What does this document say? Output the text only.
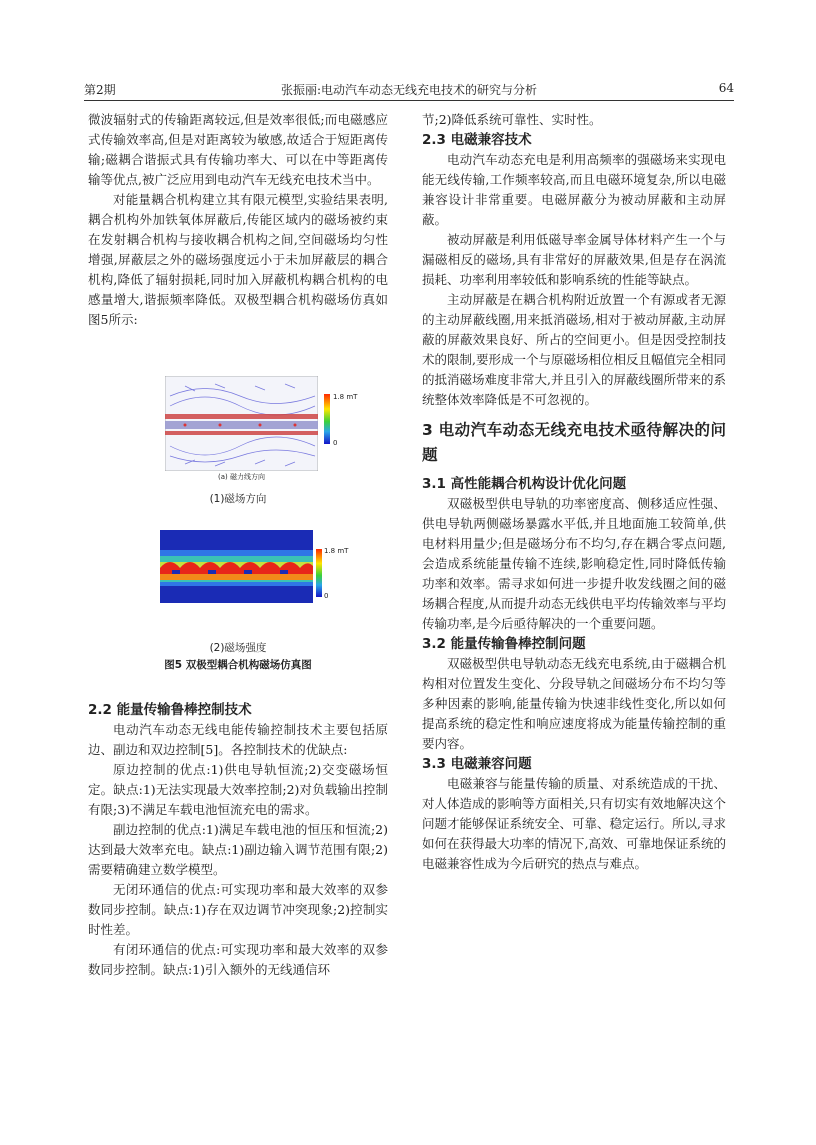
张振丽:电动汽车动态无线充电技术的研究与分析
第2期	64

微波辐射式的传输距离较远,但是效率很低;而电磁感应式传输效率高,但是对距离较为敏感,故适合于短距离传输;磁耦合谐振式具有传输功率大、可以在中等距离传输等优点,被广泛应用到电动汽车无线充电技术当中。

对能量耦合机构建立其有限元模型,实验结果表明,耦合机构外加铁氧体屏蔽后,传能区域内的磁场被约束在发射耦合机构与接收耦合机构之间,空间磁场均匀性增强,屏蔽层之外的磁场强度远小于未加屏蔽层的耦合机构,降低了辐射损耗,同时加入屏蔽机构耦合机构的电感量增大,谐振频率降低。双极型耦合机构磁场仿真如图5所示:

1.8 mT
0
(a) 磁力线方向
(1)磁场方向
1.8 mT
0
(2)磁场强度
图5 双极型耦合机构磁场仿真图

2.2 能量传输鲁棒控制技术

电动汽车动态无线电能传输控制技术主要包括原边、副边和双边控制[5]。各控制技术的优缺点:

原边控制的优点:1)供电导轨恒流;2)交变磁场恒定。缺点:1)无法实现最大效率控制;2)对负载输出控制有限;3)不满足车载电池恒流充电的需求。

副边控制的优点:1)满足车载电池的恒压和恒流;2)达到最大效率充电。缺点:1)副边输入调节范围有限;2)需要精确建立数学模型。

无闭环通信的优点:可实现功率和最大效率的双参数同步控制。缺点:1)存在双边调节冲突现象;2)控制实时性差。

有闭环通信的优点:可实现功率和最大效率的双参数同步控制。缺点:1)引入额外的无线通信环

节;2)降低系统可靠性、实时性。

2.3 电磁兼容技术

电动汽车动态充电是利用高频率的强磁场来实现电能无线传输,工作频率较高,而且电磁环境复杂,所以电磁兼容设计非常重要。电磁屏蔽分为被动屏蔽和主动屏蔽。

被动屏蔽是利用低磁导率金属导体材料产生一个与漏磁相反的磁场,具有非常好的屏蔽效果,但是存在涡流损耗、功率利用率较低和影响系统的性能等缺点。

主动屏蔽是在耦合机构附近放置一个有源或者无源的主动屏蔽线圈,用来抵消磁场,相对于被动屏蔽,主动屏蔽的屏蔽效果良好、所占的空间更小。但是因受控制技术的限制,要形成一个与原磁场相位相反且幅值完全相同的抵消磁场难度非常大,并且引入的屏蔽线圈所带来的系统整体效率降低是不可忽视的。

3 电动汽车动态无线充电技术亟待解决的问题

3.1 高性能耦合机构设计优化问题

双磁极型供电导轨的功率密度高、侧移适应性强、供电导轨两侧磁场暴露水平低,并且地面施工较简单,供电材料用量少;但是磁场分布不均匀,存在耦合零点问题,会造成系统能量传输不连续,影响稳定性,同时降低传输功率和效率。需寻求如何进一步提升收发线圈之间的磁场耦合程度,从而提升动态无线供电平均传输效率与平均传输功率,是今后亟待解决的一个重要问题。

3.2 能量传输鲁棒控制问题

双磁极型供电导轨动态无线充电系统,由于磁耦合机构相对位置发生变化、分段导轨之间磁场分布不均匀等多种因素的影响,能量传输为快速非线性变化,所以如何提高系统的稳定性和响应速度将成为能量传输控制的重要内容。

3.3 电磁兼容问题

电磁兼容与能量传输的质量、对系统造成的干扰、对人体造成的影响等方面相关,只有切实有效地解决这个问题才能够保证系统安全、可靠、稳定运行。所以,寻求如何在获得最大功率的情况下,高效、可靠地保证系统的电磁兼容性成为今后研究的热点与难点。
